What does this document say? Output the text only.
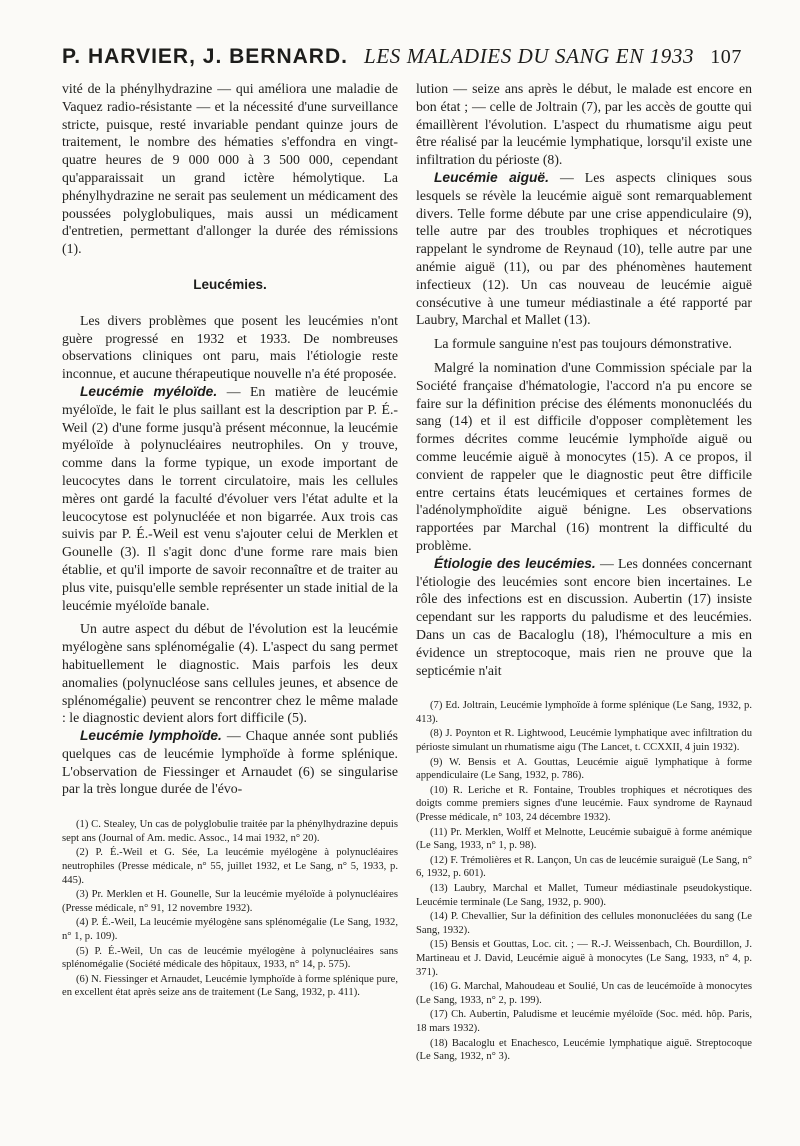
P. HARVIER, J. BERNARD. LES MALADIES DU SANG EN 1933 107

vité de la phénylhydrazine — qui améliora une maladie de Vaquez radio-résistante — et la nécessité d'une surveillance stricte, puisque, resté invariable pendant quinze jours de traitement, le nombre des hématies s'effondra en vingt-quatre heures de 9 000 000 à 3 500 000, cependant qu'apparaissait un grand ictère hémolytique. La phénylhydrazine ne serait pas seulement un médicament des poussées polyglobuliques, mais aussi un médicament d'entretien, permettant d'allonger la durée des rémissions (1).

Leucémies.

Les divers problèmes que posent les leucémies n'ont guère progressé en 1932 et 1933. De nombreuses observations cliniques ont paru, mais l'étiologie reste inconnue, et aucune thérapeutique nouvelle n'a été proposée.

Leucémie myéloïde. — En matière de leucémie myéloïde, le fait le plus saillant est la description par P. É.-Weil (2) d'une forme jusqu'à présent méconnue, la leucémie myéloïde à polynucléaires neutrophiles. On y trouve, comme dans la forme typique, un exode important de leucocytes dans le torrent circulatoire, mais les cellules mères ont gardé la faculté d'évoluer vers l'état adulte et la leucocytose est polynucléée et non bigarrée. Aux trois cas suivis par P. É.-Weil est venu s'ajouter celui de Merklen et Gounelle (3). Il s'agit donc d'une forme rare mais bien établie, et qu'il importe de savoir reconnaître et de traiter au plus vite, puisqu'elle semble représenter un stade initial de la leucémie myéloïde banale.

Un autre aspect du début de l'évolution est la leucémie myélogène sans splénomégalie (4). L'aspect du sang permet habituellement le diagnostic. Mais parfois les deux anomalies (polynucléose sans cellules jeunes, et absence de splénomégalie) peuvent se rencontrer chez le même malade : le diagnostic devient alors fort difficile (5).

Leucémie lymphoïde. — Chaque année sont publiés quelques cas de leucémie lymphoïde à forme splénique. L'observation de Fiessinger et Arnaudet (6) se singularise par la très longue durée de l'évo-

(1) C. Stealey, Un cas de polyglobulie traitée par la phénylhydrazine depuis sept ans (Journal of Am. medic. Assoc., 14 mai 1932, n° 20).

(2) P. É.-Weil et G. Sée, La leucémie myélogène à polynucléaires neutrophiles (Presse médicale, n° 55, juillet 1932, et Le Sang, n° 5, 1933, p. 445).

(3) Pr. Merklen et H. Gounelle, Sur la leucémie myéloïde à polynucléaires (Presse médicale, n° 91, 12 novembre 1932).

(4) P. É.-Weil, La leucémie myélogène sans splénomégalie (Le Sang, 1932, n° 1, p. 109).

(5) P. É.-Weil, Un cas de leucémie myélogène à polynucléaires sans splénomégalie (Société médicale des hôpitaux, 1933, n° 14, p. 575).

(6) N. Fiessinger et Arnaudet, Leucémie lymphoïde à forme splénique pure, en excellent état après seize ans de traitement (Le Sang, 1932, p. 411).

lution — seize ans après le début, le malade est encore en bon état ; — celle de Joltrain (7), par les accès de goutte qui émaillèrent l'évolution. L'aspect du rhumatisme aigu peut être réalisé par la leucémie lymphatique, lorsqu'il existe une infiltration du périoste (8).

Leucémie aiguë. — Les aspects cliniques sous lesquels se révèle la leucémie aiguë sont remarquablement divers. Telle forme débute par une crise appendiculaire (9), telle autre par des troubles trophiques et nécrotiques rappelant le syndrome de Reynaud (10), telle autre par une anémie aiguë (11), ou par des phénomènes hautement infectieux (12). Un cas nouveau de leucémie aiguë consécutive à une tumeur médiastinale a été rapporté par Laubry, Marchal et Mallet (13).

La formule sanguine n'est pas toujours démonstrative.

Malgré la nomination d'une Commission spéciale par la Société française d'hématologie, l'accord n'a pu encore se faire sur la définition précise des éléments mononucléés du sang (14) et il est difficile d'opposer complètement les formes décrites comme leucémie lymphoïde aiguë ou comme leucémie aiguë à monocytes (15). A ce propos, il convient de rappeler que le diagnostic peut être difficile entre certains états leucémiques et certaines formes de l'adénolymphoïdite aiguë bénigne. Les observations rapportées par Marchal (16) montrent la difficulté du problème.

Étiologie des leucémies. — Les données concernant l'étiologie des leucémies sont encore bien incertaines. Le rôle des infections est en discussion. Aubertin (17) insiste cependant sur les rapports du paludisme et des leucémies. Dans un cas de Bacaloglu (18), l'hémoculture a mis en évidence un streptocoque, mais rien ne prouve que la septicémie n'ait

(7) Ed. Joltrain, Leucémie lymphoïde à forme splénique (Le Sang, 1932, p. 413).

(8) J. Poynton et R. Lightwood, Leucémie lymphatique avec infiltration du périoste simulant un rhumatisme aigu (The Lancet, t. CCXXII, 4 juin 1932).

(9) W. Bensis et A. Gouttas, Leucémie aiguë lymphatique à forme appendiculaire (Le Sang, 1932, p. 786).

(10) R. Leriche et R. Fontaine, Troubles trophiques et nécrotiques des doigts comme premiers signes d'une leucémie. Faux syndrome de Raynaud (Presse médicale, n° 103, 24 décembre 1932).

(11) Pr. Merklen, Wolff et Melnotte, Leucémie subaiguë à forme anémique (Le Sang, 1933, n° 1, p. 98).

(12) F. Trémolières et R. Lançon, Un cas de leucémie suraiguë (Le Sang, n° 6, 1932, p. 601).

(13) Laubry, Marchal et Mallet, Tumeur médiastinale pseudokystique. Leucémie terminale (Le Sang, 1932, p. 900).

(14) P. Chevallier, Sur la définition des cellules mononucléées du sang (Le Sang, 1932).

(15) Bensis et Gouttas, Loc. cit. ; — R.-J. Weissenbach, Ch. Bourdillon, J. Martineau et J. David, Leucémie aiguë à monocytes (Le Sang, 1933, n° 4, p. 371).

(16) G. Marchal, Mahoudeau et Soulié, Un cas de leucémoïde à monocytes (Le Sang, 1933, n° 2, p. 199).

(17) Ch. Aubertin, Paludisme et leucémie myéloïde (Soc. méd. hôp. Paris, 18 mars 1932).

(18) Bacaloglu et Enachesco, Leucémie lymphatique aiguë. Streptocoque (Le Sang, 1932, n° 3).
